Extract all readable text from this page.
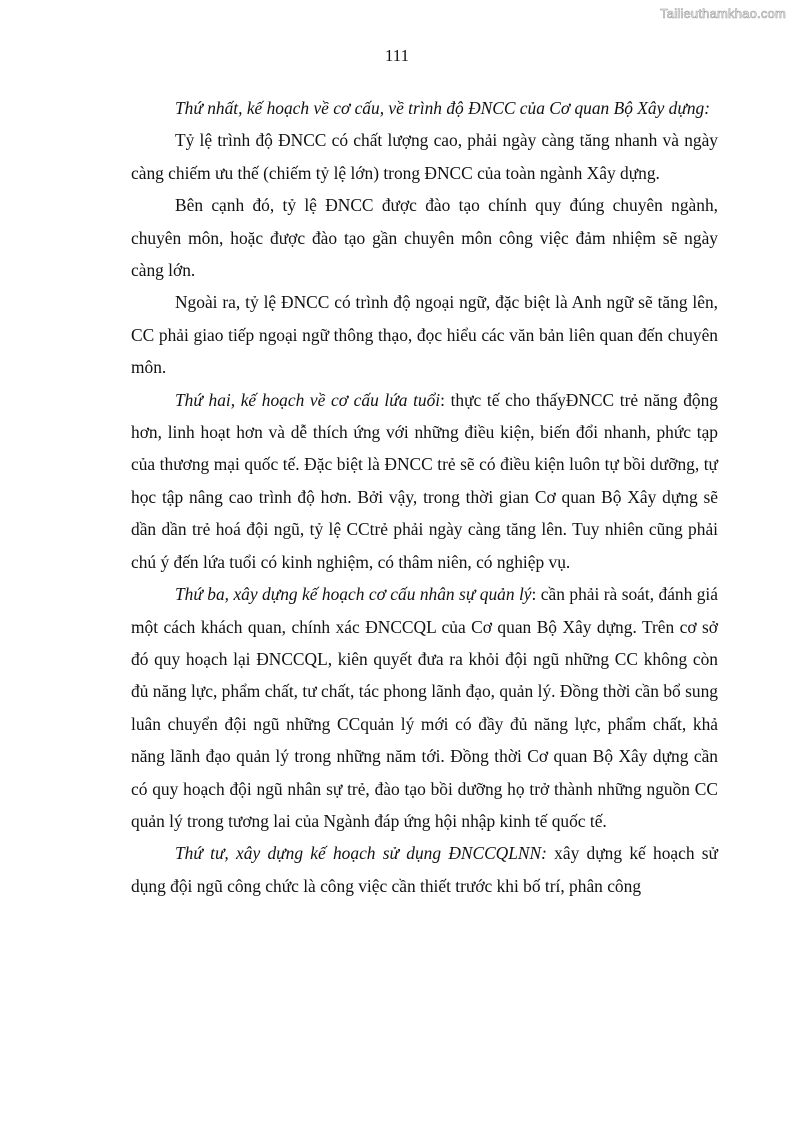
Tailieuthamkhao.com
111

Thứ nhất, kế hoạch về cơ cấu, về trình độ ĐNCC của Cơ quan Bộ Xây dựng:

Tỷ lệ trình độ ĐNCC có chất lượng cao, phải ngày càng tăng nhanh và ngày càng chiếm ưu thế (chiếm tỷ lệ lớn) trong ĐNCC của toàn ngành Xây dựng.

Bên cạnh đó, tỷ lệ ĐNCC được đào tạo chính quy đúng chuyên ngành, chuyên môn, hoặc được đào tạo gần chuyên môn công việc đảm nhiệm sẽ ngày càng lớn.

Ngoài ra, tỷ lệ ĐNCC có trình độ ngoại ngữ, đặc biệt là Anh ngữ sẽ tăng lên, CC phải giao tiếp ngoại ngữ thông thạo, đọc hiểu các văn bản liên quan đến chuyên môn.

Thứ hai, kế hoạch về cơ cấu lứa tuổi: thực tế cho thấyĐNCC trẻ năng động hơn, linh hoạt hơn và dễ thích ứng với những điều kiện, biến đổi nhanh, phức tạp của thương mại quốc tế. Đặc biệt là ĐNCC trẻ sẽ có điều kiện luôn tự bồi dưỡng, tự học tập nâng cao trình độ hơn. Bởi vậy, trong thời gian Cơ quan Bộ Xây dựng sẽ dần dần trẻ hoá đội ngũ, tỷ lệ CCtrẻ phải ngày càng tăng lên. Tuy nhiên cũng phải chú ý đến lứa tuổi có kinh nghiệm, có thâm niên, có nghiệp vụ.

Thứ ba, xây dựng kế hoạch cơ cấu nhân sự quản lý: cần phải rà soát, đánh giá một cách khách quan, chính xác ĐNCCQL của Cơ quan Bộ Xây dựng. Trên cơ sở đó quy hoạch lại ĐNCCQL, kiên quyết đưa ra khỏi đội ngũ những CC không còn đủ năng lực, phẩm chất, tư chất, tác phong lãnh đạo, quản lý. Đồng thời cần bổ sung luân chuyển đội ngũ những CCquản lý mới có đầy đủ năng lực, phẩm chất, khả năng lãnh đạo quản lý trong những năm tới. Đồng thời Cơ quan Bộ Xây dựng cần có quy hoạch đội ngũ nhân sự trẻ, đào tạo bồi dưỡng họ trở thành những nguồn CC quản lý trong tương lai của Ngành đáp ứng hội nhập kinh tế quốc tế.

Thứ tư, xây dựng kế hoạch sử dụng ĐNCCQLNN: xây dựng kế hoạch sử dụng đội ngũ công chức là công việc cần thiết trước khi bố trí, phân công
